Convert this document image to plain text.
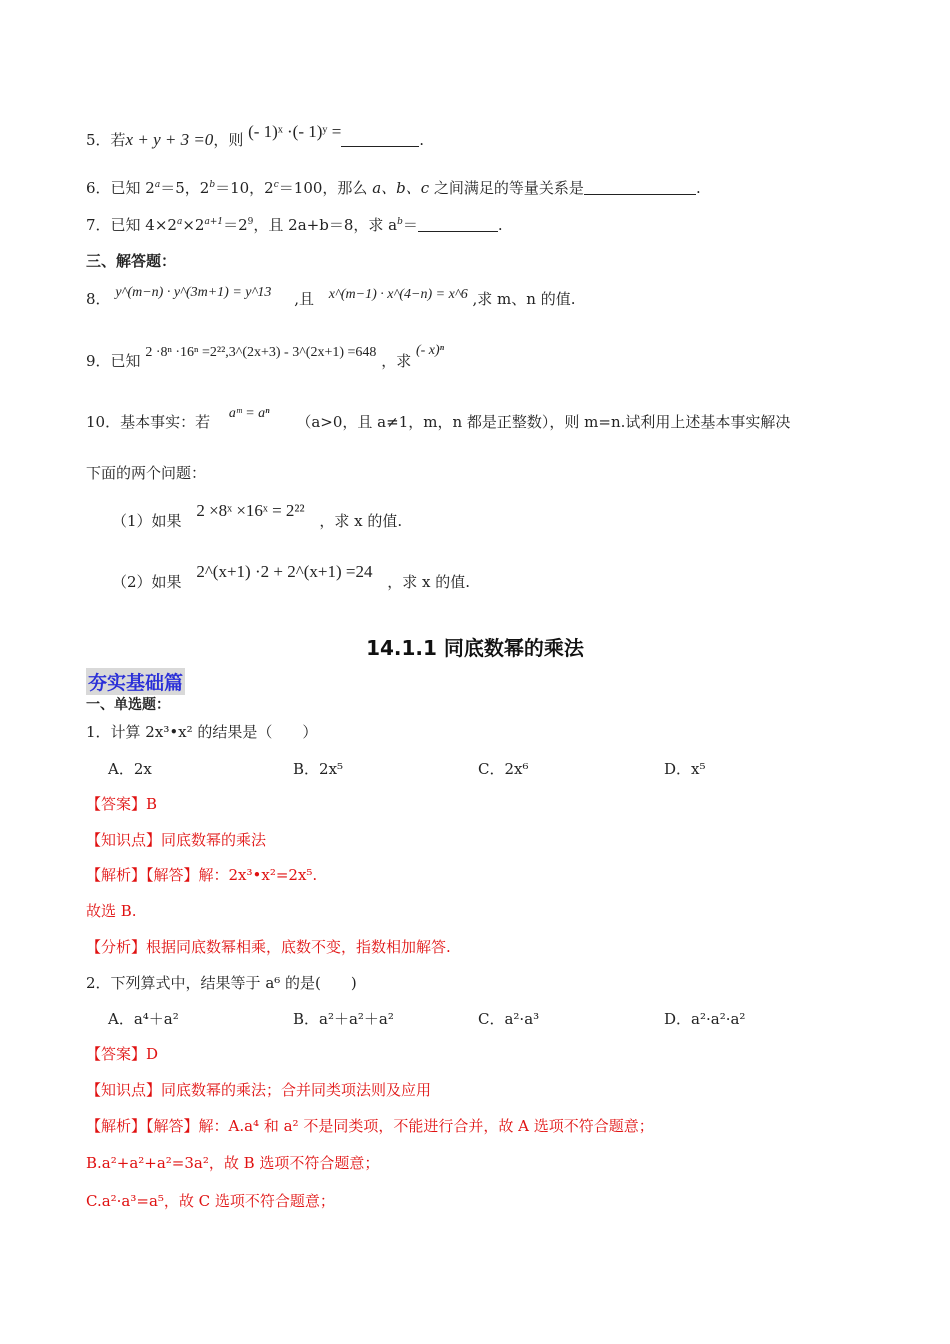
5．若x + y + 3 =0，则 (- 1)ˣ ·(- 1)ʸ =	.
6．已知 $2^a=5$，$2^b=10$，$2^c=100$，那么 a、b、c 之间满足的等量关系是	.
7．已知 $4\times 2^a\times 2^{a+1}=2^9$，且 2a+b＝8，求 $a^b=$	.
三、解答题：
8． y^(m−n) · y^(3m+1) = y^13 ,且 x^(m−1) · x^(4−n) = x^6 ,求 m、n 的值.
9．已知 2 ·8ⁿ ·16ⁿ =2²²,3^(2x+3) - 3^(2x+1) =648 ，求 (- x)ⁿ
10．基本事实：若 aᵐ = aⁿ （a>0，且 a≠1，m，n 都是正整数），则 m=n.试利用上述基本事实解决
下面的两个问题：
（1）如果 2 ×8ˣ ×16ˣ = 2²² ，求 x 的值.
（2）如果 2^(x+1) ·2 + 2^(x+1) =24 ，求 x 的值.
14.1.1 同底数幂的乘法
夯实基础篇
一、单选题：
1．计算 2x³•x² 的结果是（　　）
A．2x	B．2x⁵	C．2x⁶	D．x⁵
【答案】B
【知识点】同底数幂的乘法
【解析】【解答】解：2x³•x²=2x⁵.
故选 B.
【分析】根据同底数幂相乘，底数不变，指数相加解答.
2．下列算式中，结果等于 a⁶ 的是(　　)
A．a⁴＋a²	B．a²＋a²＋a²	C．a²·a³	D．a²·a²·a²
【答案】D
【知识点】同底数幂的乘法；合并同类项法则及应用
【解析】【解答】解：A.a⁴ 和 a² 不是同类项，不能进行合并，故 A 选项不符合题意；
B.a²+a²+a²=3a²，故 B 选项不符合题意；
C.a²·a³=a⁵，故 C 选项不符合题意；
